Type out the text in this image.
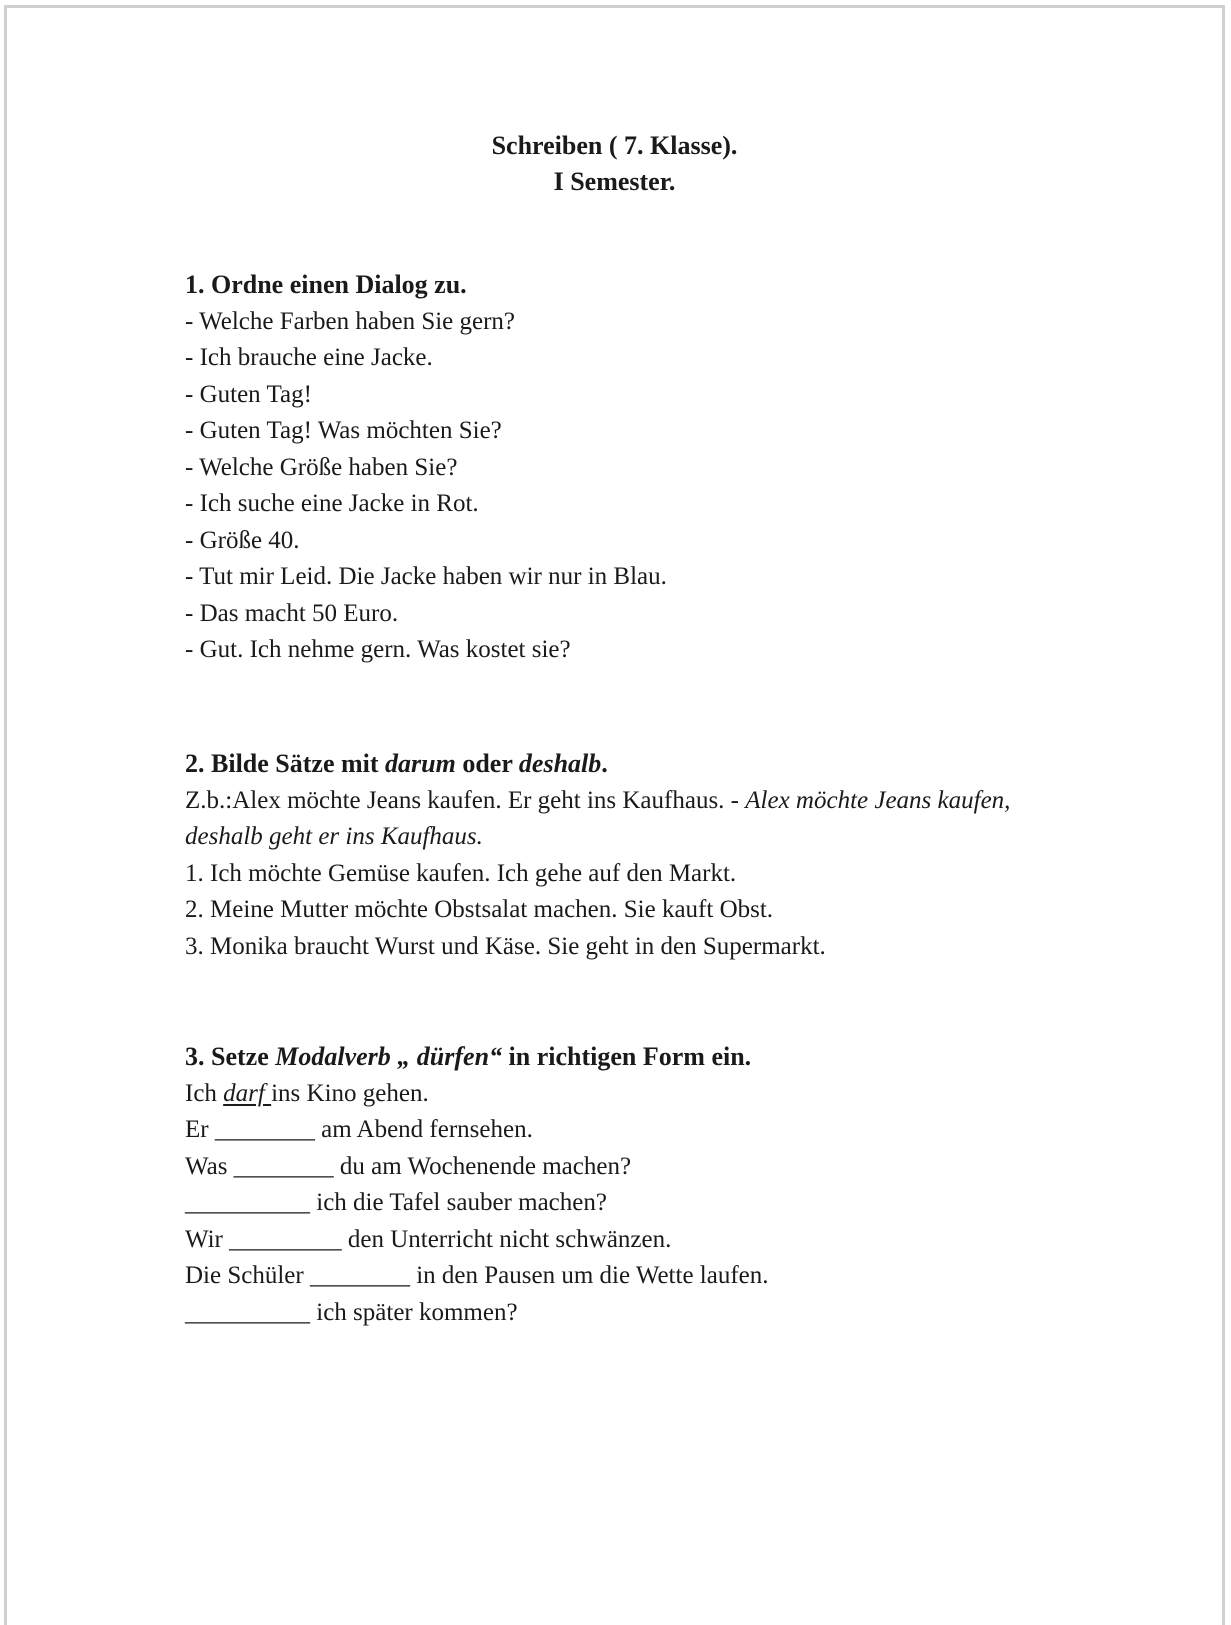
Schreiben ( 7. Klasse).
I Semester.
1. Ordne einen Dialog zu.
- Welche Farben haben Sie gern?
- Ich brauche eine Jacke.
- Guten Tag!
- Guten Tag! Was möchten Sie?
- Welche Größe haben Sie?
- Ich suche eine Jacke in Rot.
- Größe 40.
- Tut mir Leid. Die Jacke haben wir nur in Blau.
- Das macht 50 Euro.
- Gut. Ich nehme gern. Was kostet sie?
2. Bilde Sätze mit darum oder deshalb.
Z.b.:Alex möchte Jeans kaufen. Er geht ins Kaufhaus. - Alex möchte Jeans kaufen,
deshalb geht er ins Kaufhaus.
1. Ich möchte Gemüse kaufen. Ich gehe auf den Markt.
2. Meine Mutter möchte Obstsalat machen. Sie kauft Obst.
3. Monika braucht Wurst und Käse. Sie geht in den Supermarkt.
3. Setze Modalverb „ dürfen“ in richtigen Form ein.
Ich darf ins Kino gehen.
Er ________ am Abend fernsehen.
Was ________ du am Wochenende machen?
__________ ich die Tafel sauber machen?
Wir _________ den Unterricht nicht schwänzen.
Die Schüler ________ in den Pausen um die Wette laufen.
__________ ich später kommen?
